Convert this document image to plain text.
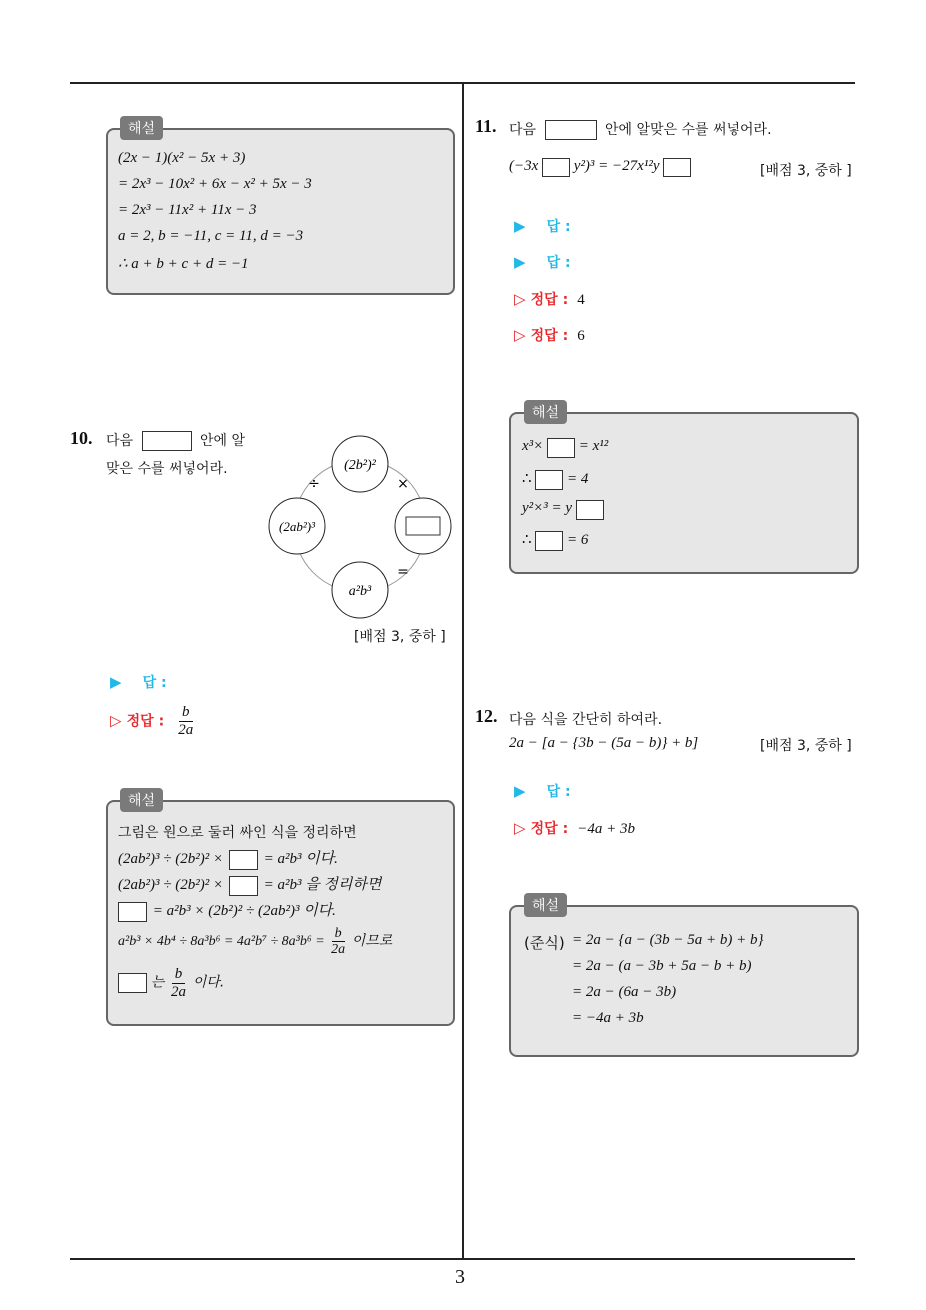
3
해설
(2x − 1)(x² − 5x + 3)
= 2x³ − 10x² + 6x − x² + 5x − 3
= 2x³ − 11x² + 11x − 3
a = 2, b = −11, c = 11, d = −3
∴ a + b + c + d = −1
10. 다음	안에 알
맞은 수를 써넣어라.	(2b²)²
(2ab²)³
a²b³
÷	×
=
[배점 3, 중하 ]
▶ 답 :
▷ 정답 : $\frac{b}{2a}$
해설
그림은 원으로 둘러 싸인 식을 정리하면
(2ab²)³ ÷ (2b²)² ×	= a²b³ 이다.
(2ab²)³ ÷ (2b²)² ×	= a²b³ 을 정리하면
= a²b³ × (2b²)² ÷ (2ab²)³ 이다.
$a^2b^3 \times 4b^4 \div 8a^3b^6 = 4a^2b^7 \div 8a^3b^6 = \frac{b}{2a}$ 이므로
는 $\frac{b}{2a}$ 이다.
11. 다음	안에 알맞은 수를 써넣어라.
(−3x y²)³ = −27x¹²y	[배점 3, 중하 ]
▶ 답 :
▶ 답 :
▷ 정답 : 4
▷ 정답 : 6
해설
x³× = x¹²
∴ = 4
y²×³ = y
∴ = 6
12. 다음 식을 간단히 하여라.
2a − [a − {3b − (5a − b)} + b]	[배점 3, 중하 ]
▶ 답 :
▷ 정답 : −4a + 3b
해설
(준식) = 2a − {a − (3b − 5a + b) + b}
= 2a − (a − 3b + 5a − b + b)
= 2a − (6a − 3b)
= −4a + 3b
